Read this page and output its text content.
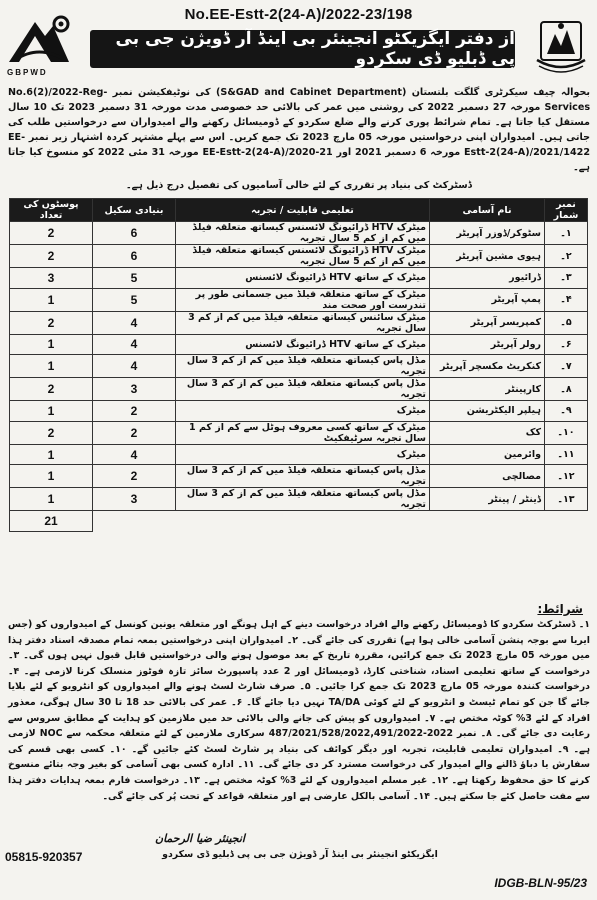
No.EE-Estt-2(24-A)/2022-23/198
GBPWD
از دفتر ایگزیکٹو انجینئر بی اینڈ آر ڈویژن جی بی پی ڈبلیو ڈی سکردو

بحوالہ چیف سیکرٹری گلگت بلتستان (S&GAD and Cabinet Department) کی نوٹیفکیشن نمبر No.6(2)/2022-Reg-Services مورخہ 27 دسمبر 2022 کی روشنی میں عمر کی بالائی حد خصوصی مدت مورخہ 31 دسمبر 2023 تک 10 سال مستقل کیا جاتا ہے۔ تمام شرائط پوری کرنے والے ضلع سکردو کے ڈومیسائل رکھنے والے امیدواران سے درخواستیں طلب کی جاتی ہیں۔ امیدواران اپنی درخواستیں مورخہ 05 مارچ 2023 تک جمع کریں۔ اس سے پہلے مشتہر کردہ اشتہار زیر نمبر EE-Estt-2(24-A)/2021/1422 مورخہ 6 دسمبر 2021 اور EE-Estt-2(24-A)/2020-21 مورخہ 31 مئی 2022 کو منسوخ کیا جاتا ہے۔

ڈسٹرکٹ کی بنیاد پر تقرری کے لئے خالی آسامیوں کی تفصیل درج ذیل ہے۔

نمبر شمار	نام آسامی	تعلیمی قابلیت / تجربہ	بنیادی سکیل	پوسٹوں کی تعداد
۱۔	سٹوکر/ڈوزر آپریٹر	میٹرک HTV ڈرائیونگ لائسنس کیساتھ متعلقہ فیلڈ میں کم از کم 5 سال تجربہ	6	2
۲۔	ہیوی مشین آپریٹر	میٹرک HTV ڈرائیونگ لائسنس کیساتھ متعلقہ فیلڈ میں کم از کم 5 سال تجربہ	6	2
۳۔	ڈرائیور	میٹرک کے ساتھ HTV ڈرائیونگ لائسنس	5	3
۴۔	پمپ آپریٹر	میٹرک کے ساتھ متعلقہ فیلڈ میں جسمانی طور پر تندرست اور صحت مند	5	1
۵۔	کمپریسر آپریٹر	میٹرک سائنس کیساتھ متعلقہ فیلڈ میں کم از کم 3 سال تجربہ	4	2
۶۔	رولر آپریٹر	میٹرک کے ساتھ HTV ڈرائیونگ لائسنس	4	1
۷۔	کنکریٹ مکسچر آپریٹر	مڈل پاس کیساتھ متعلقہ فیلڈ میں کم از کم 3 سال تجربہ	4	1
۸۔	کارپینٹر	مڈل پاس کیساتھ متعلقہ فیلڈ میں کم از کم 3 سال تجربہ	3	2
۹۔	ہیلپر الیکٹریشن	میٹرک	2	1
۱۰۔	کک	میٹرک کے ساتھ کسی معروف ہوٹل سے کم از کم 1 سال تجربہ سرٹیفکیٹ	2	2
۱۱۔	وائرمین	میٹرک	4	1
۱۲۔	مصالچی	مڈل پاس کیساتھ متعلقہ فیلڈ میں کم از کم 3 سال تجربہ	2	1
۱۳۔	ڈینٹر / پینٹر	مڈل پاس کیساتھ متعلقہ فیلڈ میں کم از کم 3 سال تجربہ	3	1
				21
شرائط:

۱۔ ڈسٹرکٹ سکردو کا ڈومیسائل رکھنے والے افراد درخواست دینے کے اہل ہونگے اور متعلقہ یونین کونسل کے امیدواروں کو (جس ایریا سے بوجہ پنشن آسامی خالی ہوا ہے) تقرری کی جائے گی۔ ۲۔ امیدواران اپنی درخواستیں بمعہ تمام مصدقہ اسناد دفتر ہذا میں مورخہ 05 مارچ 2023 تک جمع کرائیں، مقررہ تاریخ کے بعد موصول ہونے والی درخواستیں قابل قبول نہیں ہوں گی۔ ۳۔ درخواست کے ساتھ تعلیمی اسناد، شناختی کارڈ، ڈومیسائل اور 2 عدد پاسپورٹ سائز تازہ فوٹوز منسلک کرنا لازمی ہے۔ ۴۔ درخواست کنندہ مورخہ 05 مارچ 2023 تک جمع کرا جائیں۔ ۵۔ صرف شارٹ لسٹ ہونے والے امیدواروں کو انٹرویو کے لئے بلایا جائے گا جن کو تمام ٹیسٹ و انٹرویو کے لئے کوئی TA/DA نہیں دیا جائے گا۔ ۶۔ عمر کی بالائی حد 18 تا 30 سال ہوگی، معذور افراد کے لئے 3% کوٹہ مختص ہے۔ ۷۔ امیدواروں کو پیش کی جانے والی بالائی حد میں ملازمین کو ہدایت کے مطابق سروس سے رعایت دی جائے گی۔ ۸۔ نمبر 2022-487/2021/528/2022,491/2022 سرکاری ملازمین کے لئے متعلقہ محکمہ سے NOC لازمی ہے۔ ۹۔ امیدواران تعلیمی قابلیت، تجربہ اور دیگر کوائف کی بنیاد پر شارٹ لسٹ کئے جائیں گے۔ ۱۰۔ کسی بھی قسم کی سفارش یا دباؤ ڈالنے والے امیدوار کی درخواست مسترد کر دی جائے گی۔ ۱۱۔ ادارہ کسی بھی آسامی کو بغیر وجہ بتائے منسوخ کرنے کا حق محفوظ رکھتا ہے۔ ۱۲۔ غیر مسلم امیدواروں کے لئے 3% کوٹہ مختص ہے۔ ۱۳۔ درخواست فارم بمعہ ہدایات دفتر ہذا سے مفت حاصل کئے جا سکتے ہیں۔ ۱۴۔ آسامی بالکل عارضی ہے اور متعلقہ قواعد کے تحت پُر کی جائے گی۔

انجینئر ضیا الرحمان
ایگزیکٹو انجینئر بی اینڈ آر ڈویژن جی بی پی ڈبلیو ڈی سکردو
05815-920357
IDGB-BLN-95/23
